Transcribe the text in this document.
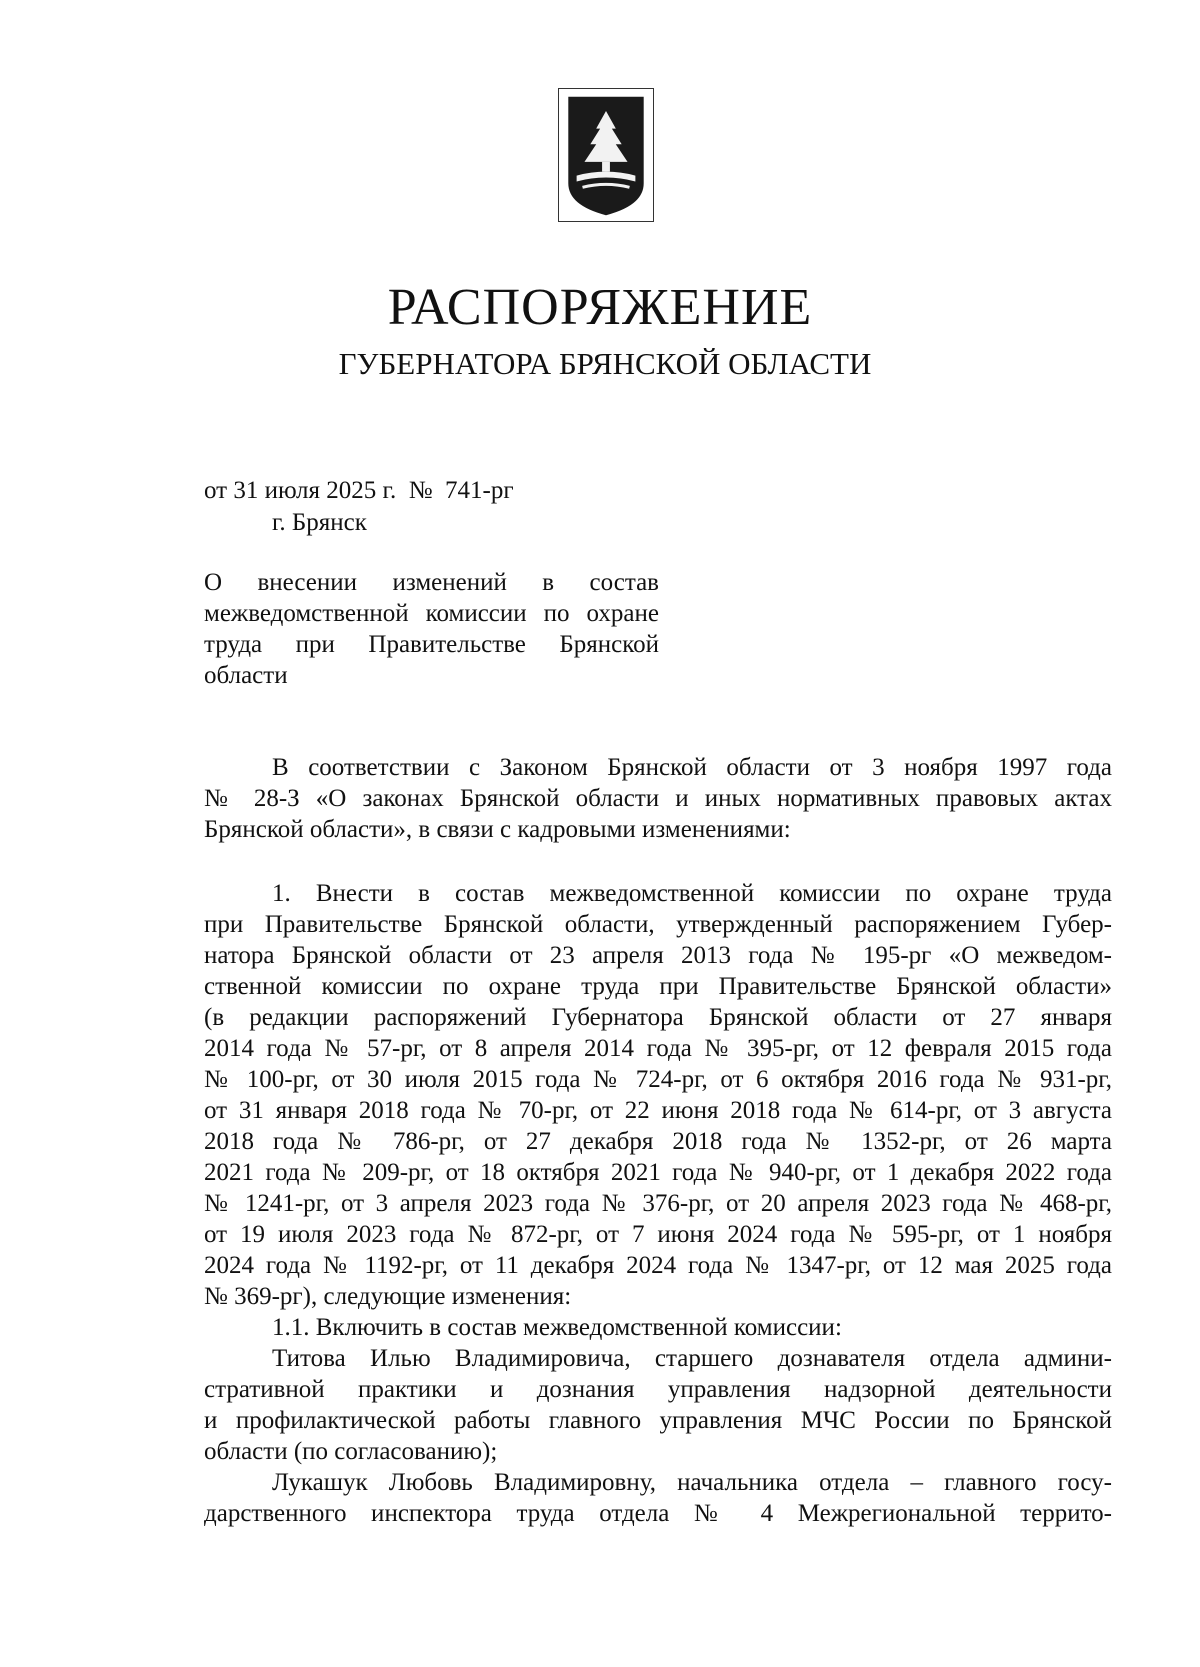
РАСПОРЯЖЕНИЕ
ГУБЕРНАТОРА БРЯНСКОЙ ОБЛАСТИ
от 31 июля 2025 г. № 741-рг
г. Брянск
О внесении изменений в состав
межведомственной комиссии по охране
труда при Правительстве Брянской
области
В соответствии с Законом Брянской области от 3 ноября 1997 года
№ 28-З «О законах Брянской области и иных нормативных правовых актах
Брянской области», в связи с кадровыми изменениями:
1. Внести в состав межведомственной комиссии по охране труда
при Правительстве Брянской области, утвержденный распоряжением Губер-
натора Брянской области от 23 апреля 2013 года № 195-рг «О межведом-
ственной комиссии по охране труда при Правительстве Брянской области»
(в редакции распоряжений Губернатора Брянской области от 27 января
2014 года № 57-рг, от 8 апреля 2014 года № 395-рг, от 12 февраля 2015 года
№ 100-рг, от 30 июля 2015 года № 724-рг, от 6 октября 2016 года № 931-рг,
от 31 января 2018 года № 70-рг, от 22 июня 2018 года № 614-рг, от 3 августа
2018 года № 786-рг, от 27 декабря 2018 года № 1352-рг, от 26 марта
2021 года № 209-рг, от 18 октября 2021 года № 940-рг, от 1 декабря 2022 года
№ 1241-рг, от 3 апреля 2023 года № 376-рг, от 20 апреля 2023 года № 468-рг,
от 19 июля 2023 года № 872-рг, от 7 июня 2024 года № 595-рг, от 1 ноября
2024 года № 1192-рг, от 11 декабря 2024 года № 1347-рг, от 12 мая 2025 года
№ 369-рг), следующие изменения:
1.1. Включить в состав межведомственной комиссии:
Титова Илью Владимировича, старшего дознавателя отдела админи-
стративной практики и дознания управления надзорной деятельности
и профилактической работы главного управления МЧС России по Брянской
области (по согласованию);
Лукашук Любовь Владимировну, начальника отдела – главного госу-
дарственного инспектора труда отдела № 4 Межрегиональной террито-
